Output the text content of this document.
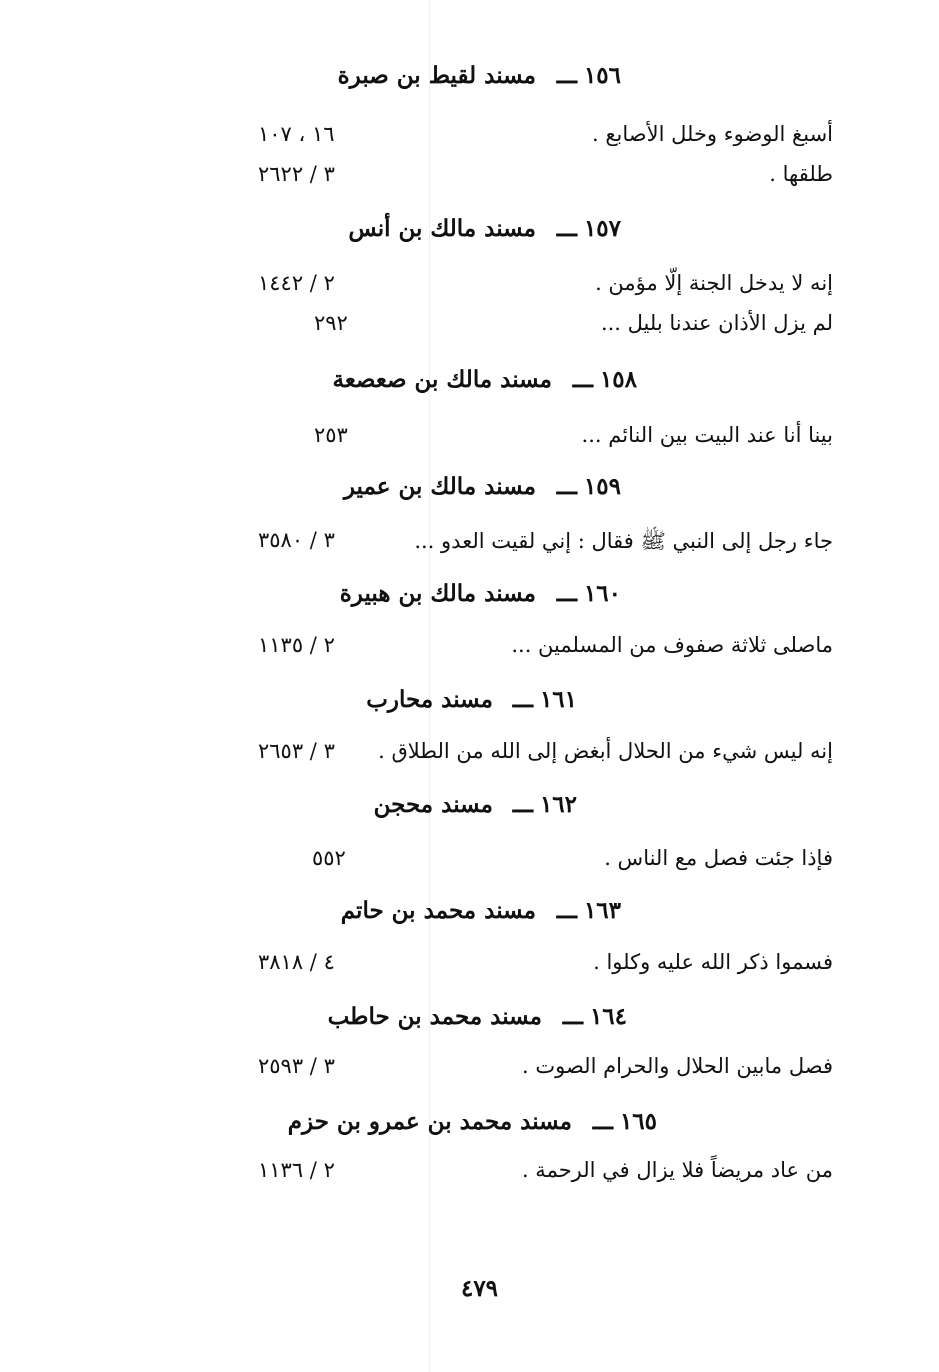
١٥٦
مسند لقيط بن صبرة ـــ
أسبغ الوضوء وخلل الأصابع .
١٦ ، ١٠٧
طلقها .
٣ / ٢٦٢٢
١٥٧
ـــ
مسند مالك بن أنس
إنه لا يدخل الجنة إلّا مؤمن .
٢ / ١٤٤٢
لم يزل الأذان عندنا بليل ...
٢٩٢
١٥٨
ـــ
مسند مالك بن صعصعة
بينا أنا عند البيت بين النائم ...
٢٥٣
١٥٩
ـــ
مسند مالك بن عمير
جاء رجل إلى النبي ﷺ فقال : إني لقيت العدو ...
٣ / ٣٥٨٠
١٦٠
ـــ
مسند مالك بن هبيرة
ماصلى ثلاثة صفوف من المسلمين ...
٢ / ١١٣٥
١٦١
ـــ
مسند محارب
إنه ليس شيء من الحلال أبغض إلى الله من الطلاق .
٣ / ٢٦٥٣
١٦٢
ـــ
مسند محجن
فإذا جئت فصل مع الناس .
٥٥٢
١٦٣
ـــ
مسند محمد بن حاتم
فسموا ذكر الله عليه وكلوا .
٤ / ٣٨١٨
١٦٤
ـــ
مسند محمد بن حاطب
فصل مابين الحلال والحرام الصوت .
٣ / ٢٥٩٣
١٦٥
ـــ
مسند محمد بن عمرو بن حزم
من عاد مريضاً فلا يزال في الرحمة .
٢ / ١١٣٦
٤٧٩
